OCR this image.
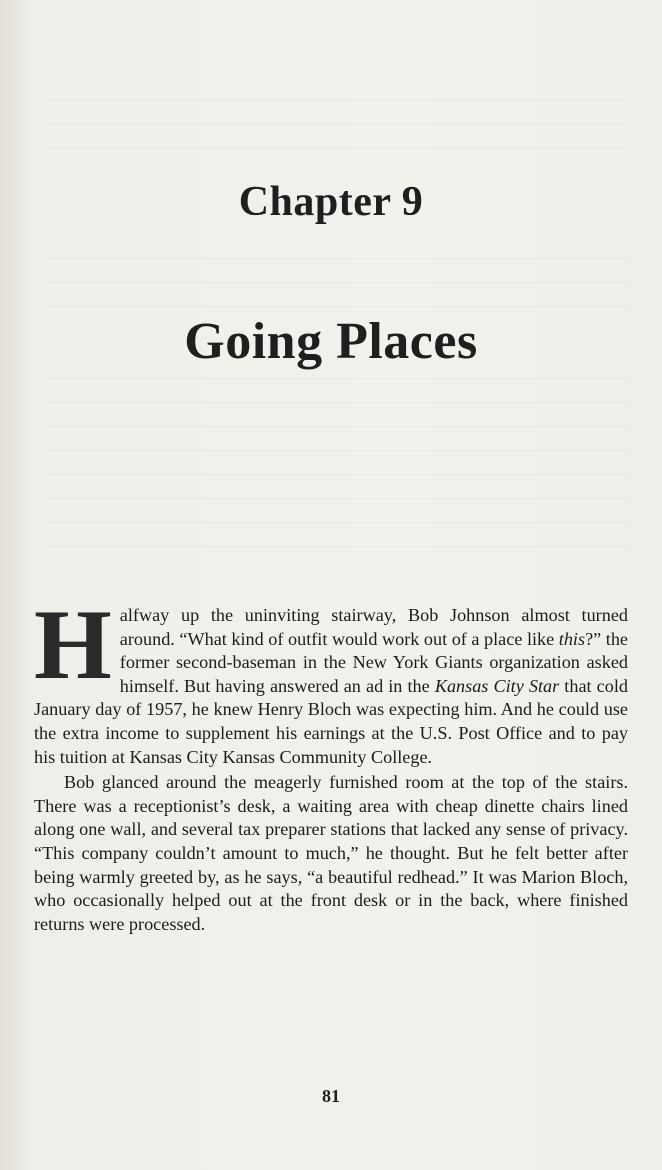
Chapter 9
Going Places

Halfway up the uninviting stairway, Bob Johnson almost turned around. “What kind of outfit would work out of a place like this?” the former second-baseman in the New York Giants organization asked himself. But having answered an ad in the Kansas City Star that cold January day of 1957, he knew Henry Bloch was expecting him. And he could use the extra income to supplement his earnings at the U.S. Post Office and to pay his tuition at Kansas City Kansas Community College.

Bob glanced around the meagerly furnished room at the top of the stairs. There was a receptionist’s desk, a waiting area with cheap dinette chairs lined along one wall, and several tax preparer stations that lacked any sense of privacy. “This company couldn’t amount to much,” he thought. But he felt better after being warmly greeted by, as he says, “a beautiful redhead.” It was Marion Bloch, who occasionally helped out at the front desk or in the back, where finished returns were processed.

81
